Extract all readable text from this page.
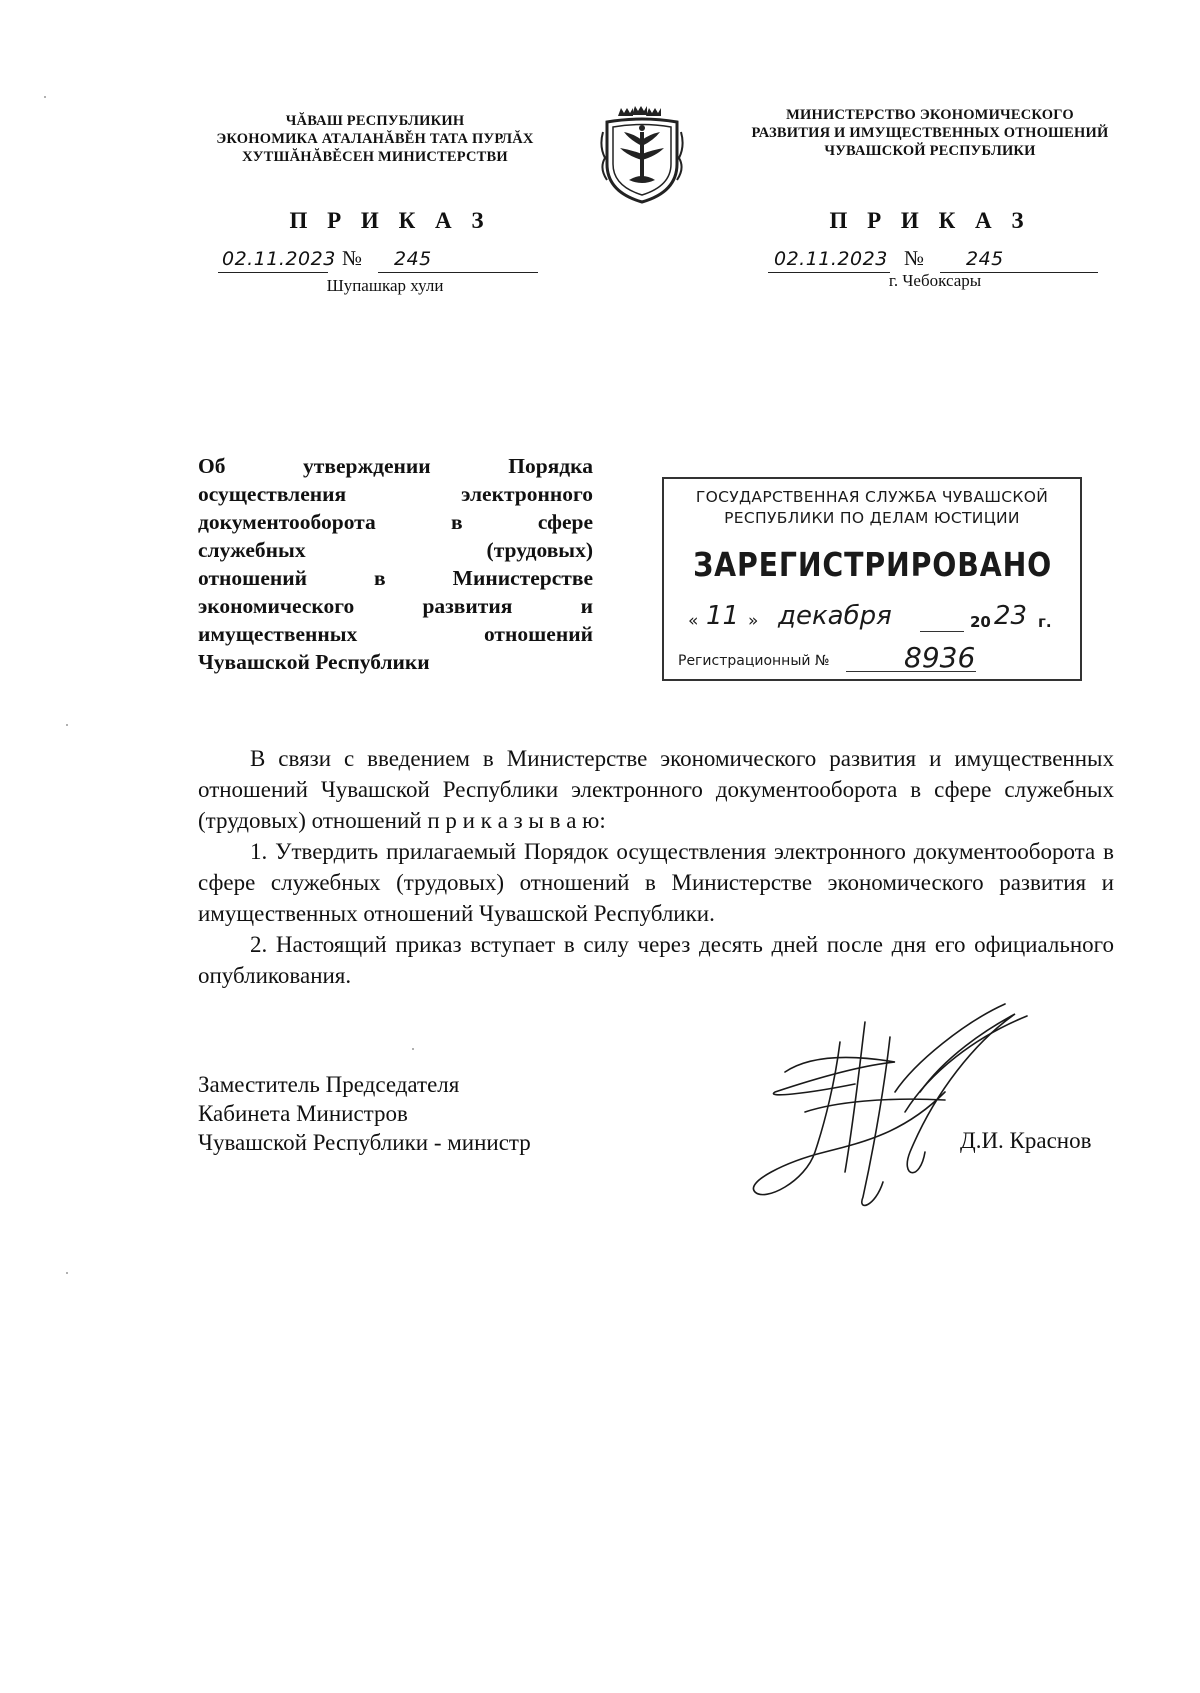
ЧĂВАШ РЕСПУБЛИКИН
ЭКОНОМИКА АТАЛАНĂВĚН ТАТА ПУРЛĂХ
ХУТШĂНĂВĚСЕН МИНИСТЕРСТВИ
МИНИСТЕРСТВО ЭКОНОМИЧЕСКОГО
РАЗВИТИЯ И ИМУЩЕСТВЕННЫХ ОТНОШЕНИЙ
ЧУВАШСКОЙ РЕСПУБЛИКИ
П Р И К А З	П Р И К А З
02.11.2023 № 245	02.11.2023 № 245
Шупашкар хули	г. Чебоксары
Об утверждении Порядка
осуществления электронного
документооборота в сфере
служебных (трудовых)
отношений в Министерстве
экономического развития и
имущественных отношений
Чувашской Республики
ГОСУДАРСТВЕННАЯ СЛУЖБА ЧУВАШСКОЙ
РЕСПУБЛИКИ ПО ДЕЛАМ ЮСТИЦИИ
ЗАРЕГИСТРИРОВАНО
« 11 » декабря	20 23 г.
Регистрационный №	8936

В связи с введением в Министерстве экономического развития и имущественных отношений Чувашской Республики электронного документооборота в сфере служебных (трудовых) отношений п р и к а з ы в а ю:

1. Утвердить прилагаемый Порядок осуществления электронного документооборота в сфере служебных (трудовых) отношений в Министерстве экономического развития и имущественных отношений Чувашской Республики.

2. Настоящий приказ вступает в силу через десять дней после дня его официального опубликования.

Заместитель Председателя
Кабинета Министров
Чувашской Республики - министр	Д.И. Краснов
